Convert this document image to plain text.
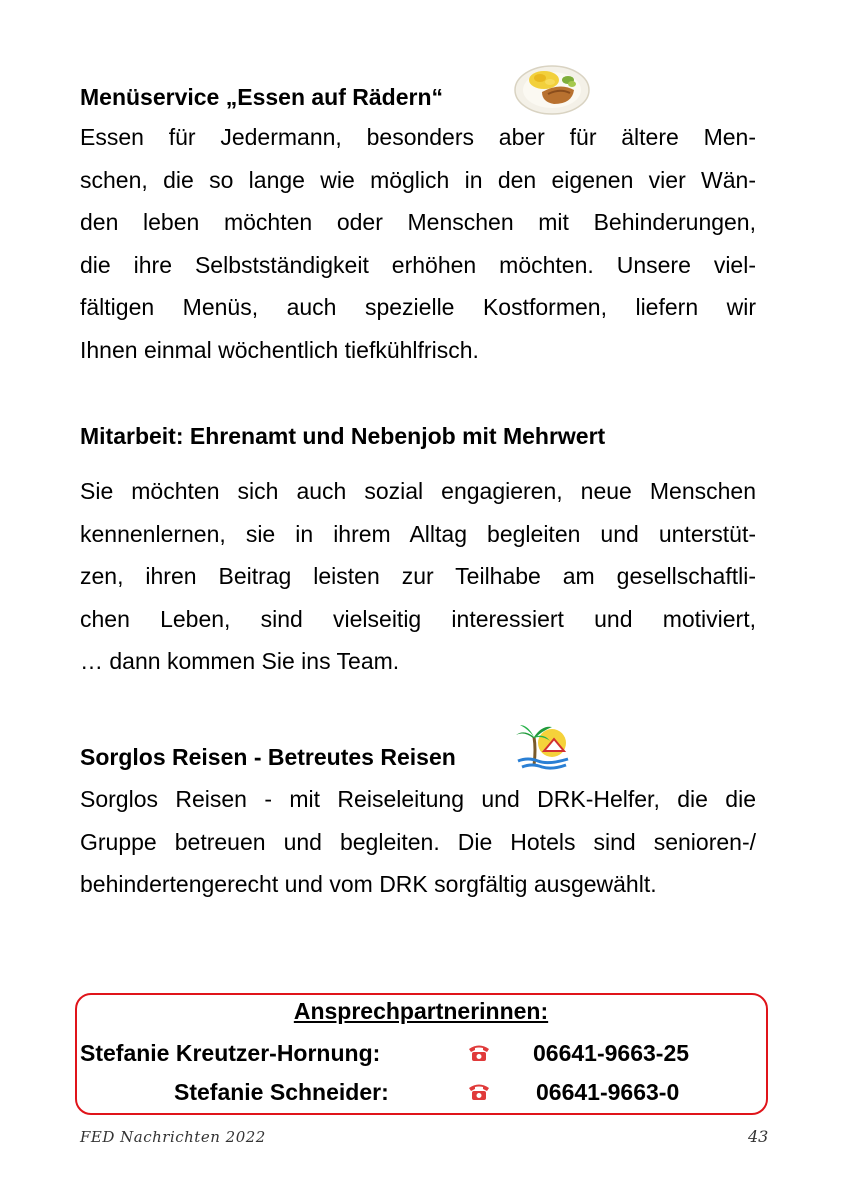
Menüservice „Essen auf Rädern“
Essen für Jedermann, besonders aber für ältere Men-
schen, die so lange wie möglich in den eigenen vier Wän-
den leben möchten oder Menschen mit Behinderungen,
die ihre Selbstständigkeit erhöhen möchten. Unsere viel-
fältigen Menüs, auch spezielle Kostformen, liefern wir
Ihnen einmal wöchentlich tiefkühlfrisch.
Mitarbeit: Ehrenamt und Nebenjob mit Mehrwert
Sie möchten sich auch sozial engagieren, neue Menschen
kennenlernen, sie in ihrem Alltag begleiten und unterstüt-
zen, ihren Beitrag leisten zur Teilhabe am gesellschaftli-
chen Leben, sind vielseitig interessiert und motiviert,
… dann kommen Sie ins Team.
Sorglos Reisen - Betreutes Reisen
Sorglos Reisen - mit Reiseleitung und DRK-Helfer, die die
Gruppe betreuen und begleiten. Die Hotels sind senioren-/
behindertengerecht und vom DRK sorgfältig ausgewählt.
Ansprechpartnerinnen:
Stefanie Kreutzer-Hornung:	06641-9663-25
Stefanie Schneider:	06641-9663-0
FED Nachrichten 2022	43
